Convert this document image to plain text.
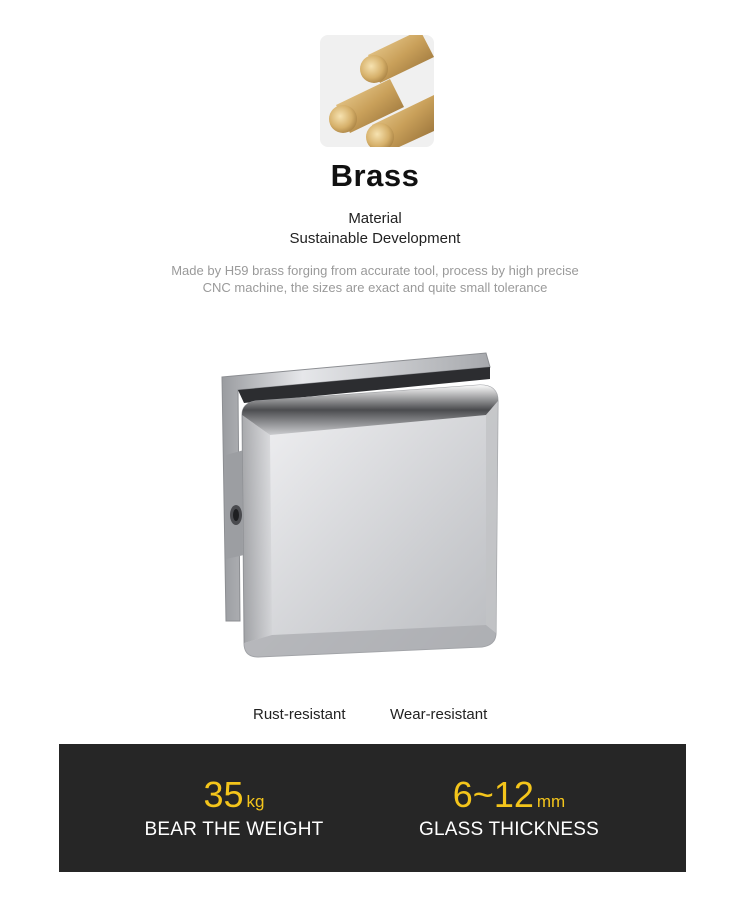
Brass
Material
Sustainable Development
Made by H59 brass forging from accurate tool, process by high precise
CNC machine, the sizes are exact and quite small tolerance
Rust-resistant	Wear-resistant
35 kg
BEAR THE WEIGHT
6~12 mm
GLASS THICKNESS
